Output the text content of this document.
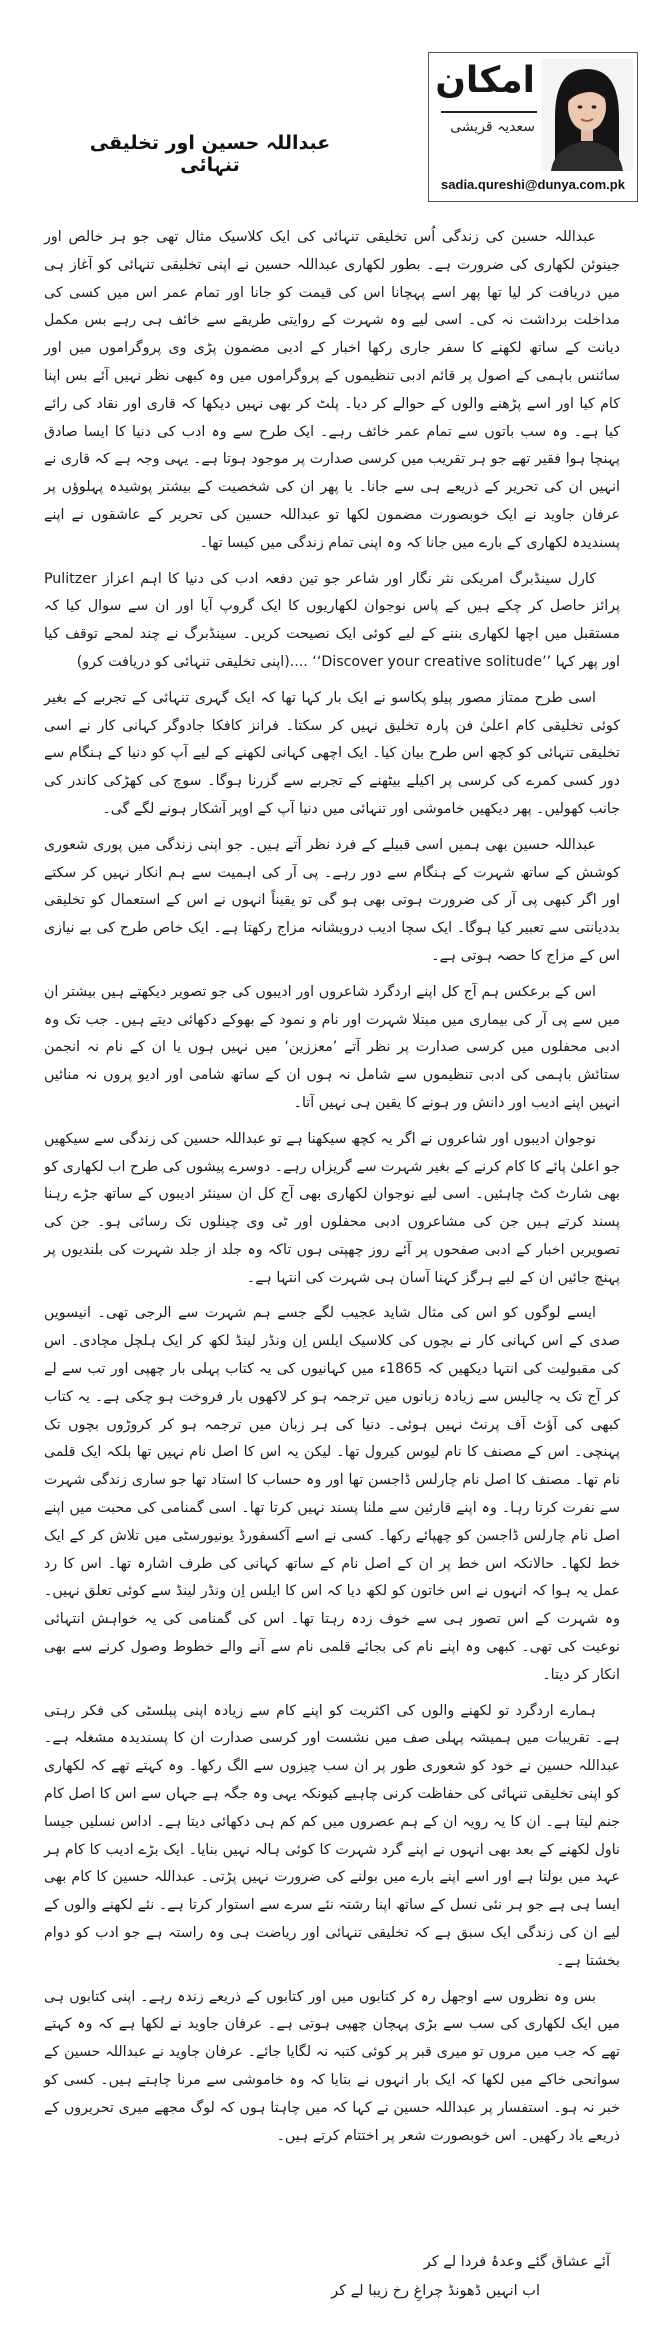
عبداللہ حسین اور تخلیقی تنہائی
امکان
سعدیہ قریشی
sadia.qureshi@dunya.com.pk

عبداللہ حسین کی زندگی اُس تخلیقی تنہائی کی ایک کلاسیک مثال تھی جو ہر خالص اور جینوئن لکھاری کی ضرورت ہے۔ بطور لکھاری عبداللہ حسین نے اپنی تخلیقی تنہائی کو آغاز ہی میں دریافت کر لیا تھا پھر اسے پہچانا اس کی قیمت کو جانا اور تمام عمر اس میں کسی کی مداخلت برداشت نہ کی۔ اسی لیے وہ شہرت کے روایتی طریقے سے خائف ہی رہے بس مکمل دیانت کے ساتھ لکھنے کا سفر جاری رکھا اخبار کے ادبی مضمون پڑی وی پروگراموں میں اور سائنس باہمی کے اصول پر قائم ادبی تنظیموں کے پروگراموں میں وہ کبھی نظر نہیں آئے بس اپنا کام کیا اور اسے پڑھنے والوں کے حوالے کر دیا۔ پلٹ کر بھی نہیں دیکھا کہ قاری اور نقاد کی رائے کیا ہے۔ وہ سب باتوں سے تمام عمر خائف رہے۔ ایک طرح سے وہ ادب کی دنیا کا ایسا صادق پہنچا ہوا فقیر تھے جو ہر تقریب میں کرسی صدارت پر موجود ہوتا ہے۔ یہی وجہ ہے کہ قاری نے انہیں ان کی تحریر کے ذریعے ہی سے جانا۔ یا پھر ان کی شخصیت کے بیشتر پوشیدہ پہلوؤں پر عرفان جاوید نے ایک خوبصورت مضمون لکھا تو عبداللہ حسین کی تحریر کے عاشقوں نے اپنے پسندیدہ لکھاری کے بارے میں جانا کہ وہ اپنی تمام زندگی میں کیسا تھا۔

کارل سینڈبرگ امریکی نثر نگار اور شاعر جو تین دفعہ ادب کی دنیا کا اہم اعزاز Pulitzer پرائز حاصل کر چکے ہیں کے پاس نوجوان لکھاریوں کا ایک گروپ آیا اور ان سے سوال کیا کہ مستقبل میں اچھا لکھاری بننے کے لیے کوئی ایک نصیحت کریں۔ سینڈبرگ نے چند لمحے توقف کیا اور پھر کہا ’’Discover your creative solitude‘‘ ....(اپنی تخلیقی تنہائی کو دریافت کرو)

اسی طرح ممتاز مصور پیلو پکاسو نے ایک بار کہا تھا کہ ایک گہری تنہائی کے تجربے کے بغیر کوئی تخلیقی کام اعلیٰ فن پارہ تخلیق نہیں کر سکتا۔ فرانز کافکا جادوگر کہانی کار نے اسی تخلیقی تنہائی کو کچھ اس طرح بیان کیا۔ ایک اچھی کہانی لکھنے کے لیے آپ کو دنیا کے ہنگام سے دور کسی کمرے کی کرسی پر اکیلے بیٹھنے کے تجربے سے گزرنا ہوگا۔ سوچ کی کھڑکی کاندر کی جانب کھولیں۔ پھر دیکھیں خاموشی اور تنہائی میں دنیا آپ کے اوپر آشکار ہونے لگے گی۔

عبداللہ حسین بھی ہمیں اسی قبیلے کے فرد نظر آتے ہیں۔ جو اپنی زندگی میں پوری شعوری کوشش کے ساتھ شہرت کے ہنگام سے دور رہے۔ پی آر کی اہمیت سے ہم انکار نہیں کر سکتے اور اگر کبھی پی آر کی ضرورت ہوتی بھی ہو گی تو یقیناً انہوں نے اس کے استعمال کو تخلیقی بددیانتی سے تعبیر کیا ہوگا۔ ایک سچا ادیب درویشانہ مزاج رکھتا ہے۔ ایک خاص طرح کی بے نیازی اس کے مزاج کا حصہ ہوتی ہے۔

اس کے برعکس ہم آج کل اپنے اردگرد شاعروں اور ادیبوں کی جو تصویر دیکھتے ہیں بیشتر ان میں سے پی آر کی بیماری میں مبتلا شہرت اور نام و نمود کے بھوکے دکھائی دیتے ہیں۔ جب تک وہ ادبی محفلوں میں کرسی صدارت پر نظر آتے ’معززین‘ میں نہیں ہوں یا ان کے نام نہ انجمن ستائش باہمی کی ادبی تنظیموں سے شامل نہ ہوں ان کے ساتھ شامی اور ادیو پروں نہ منائیں انہیں اپنے ادیب اور دانش ور ہونے کا یقین ہی نہیں آتا۔

نوجوان ادیبوں اور شاعروں نے اگر یہ کچھ سیکھنا ہے تو عبداللہ حسین کی زندگی سے سیکھیں جو اعلیٰ پائے کا کام کرنے کے بغیر شہرت سے گریزاں رہے۔ دوسرے پیشوں کی طرح اب لکھاری کو بھی شارٹ کٹ چاہئیں۔ اسی لیے نوجوان لکھاری بھی آج کل ان سینئر ادیبوں کے ساتھ جڑے رہنا پسند کرتے ہیں جن کی مشاعروں ادبی محفلوں اور ٹی وی چینلوں تک رسائی ہو۔ جن کی تصویریں اخبار کے ادبی صفحوں پر آئے روز چھپتی ہوں تاکہ وہ جلد از جلد شہرت کی بلندیوں پر پہنچ جائیں ان کے لیے ہرگز کہنا آسان ہی شہرت کی انتہا ہے۔

ایسے لوگوں کو اس کی مثال شاید عجیب لگے جسے ہم شہرت سے الرجی تھی۔ انیسویں صدی کے اس کہانی کار نے بچوں کی کلاسیک ایلس اِن ونڈر لینڈ لکھ کر ایک ہلچل مچادی۔ اس کی مقبولیت کی انتہا دیکھیں کہ 1865ء میں کہانیوں کی یہ کتاب پہلی بار چھپی اور تب سے لے کر آج تک یہ چالیس سے زیادہ زبانوں میں ترجمہ ہو کر لاکھوں بار فروخت ہو چکی ہے۔ یہ کتاب کبھی کی آؤٹ آف پرنٹ نہیں ہوئی۔ دنیا کی ہر زبان میں ترجمہ ہو کر کروڑوں بچوں تک پہنچی۔ اس کے مصنف کا نام لیوس کیرول تھا۔ لیکن یہ اس کا اصل نام نہیں تھا بلکہ ایک قلمی نام تھا۔ مصنف کا اصل نام چارلس ڈاجسن تھا اور وہ حساب کا استاد تھا جو ساری زندگی شہرت سے نفرت کرتا رہا۔ وہ اپنے قارئین سے ملنا پسند نہیں کرتا تھا۔ اسی گمنامی کی محبت میں اپنے اصل نام چارلس ڈاجسن کو چھپائے رکھا۔ کسی نے اسے آکسفورڈ یونیورسٹی میں تلاش کر کے ایک خط لکھا۔ حالانکہ اس خط پر ان کے اصل نام کے ساتھ کہانی کی طرف اشارہ تھا۔ اس کا رد عمل یہ ہوا کہ انہوں نے اس خاتون کو لکھ دیا کہ اس کا ایلس اِن ونڈر لینڈ سے کوئی تعلق نہیں۔ وہ شہرت کے اس تصور ہی سے خوف زدہ رہتا تھا۔ اس کی گمنامی کی یہ خواہش انتہائی نوعیت کی تھی۔ کبھی وہ اپنے نام کی بجائے قلمی نام سے آنے والے خطوط وصول کرنے سے بھی انکار کر دیتا۔

ہمارے اردگرد تو لکھنے والوں کی اکثریت کو اپنے کام سے زیادہ اپنی پبلسٹی کی فکر رہتی ہے۔ تقریبات میں ہمیشہ پہلی صف میں نشست اور کرسی صدارت ان کا پسندیدہ مشغلہ ہے۔ عبداللہ حسین نے خود کو شعوری طور پر ان سب چیزوں سے الگ رکھا۔ وہ کہتے تھے کہ لکھاری کو اپنی تخلیقی تنہائی کی حفاظت کرنی چاہیے کیونکہ یہی وہ جگہ ہے جہاں سے اس کا اصل کام جنم لیتا ہے۔ ان کا یہ رویہ ان کے ہم عصروں میں کم کم ہی دکھائی دیتا ہے۔ اداس نسلیں جیسا ناول لکھنے کے بعد بھی انہوں نے اپنے گرد شہرت کا کوئی ہالہ نہیں بنایا۔ ایک بڑے ادیب کا کام ہر عہد میں بولتا ہے اور اسے اپنے بارے میں بولنے کی ضرورت نہیں پڑتی۔ عبداللہ حسین کا کام بھی ایسا ہی ہے جو ہر نئی نسل کے ساتھ اپنا رشتہ نئے سرے سے استوار کرتا ہے۔ نئے لکھنے والوں کے لیے ان کی زندگی ایک سبق ہے کہ تخلیقی تنہائی اور ریاضت ہی وہ راستہ ہے جو ادب کو دوام بخشتا ہے۔

بس وہ نظروں سے اوجھل رہ کر کتابوں میں اور کتابوں کے ذریعے زندہ رہے۔ اپنی کتابوں ہی میں ایک لکھاری کی سب سے بڑی پہچان چھپی ہوتی ہے۔ عرفان جاوید نے لکھا ہے کہ وہ کہتے تھے کہ جب میں مروں تو میری قبر پر کوئی کتبہ نہ لگایا جائے۔ عرفان جاوید نے عبداللہ حسین کے سوانحی خاکے میں لکھا کہ ایک بار انہوں نے بتایا کہ وہ خاموشی سے مرنا چاہتے ہیں۔ کسی کو خبر نہ ہو۔ استفسار پر عبداللہ حسین نے کہا کہ میں چاہتا ہوں کہ لوگ مجھے میری تحریروں کے ذریعے یاد رکھیں۔ اس خوبصورت شعر پر اختتام کرتے ہیں۔

آئے عشاق گئے وعدۂ فردا لے کر
اب انہیں ڈھونڈ چراغِ رخ زیبا لے کر
